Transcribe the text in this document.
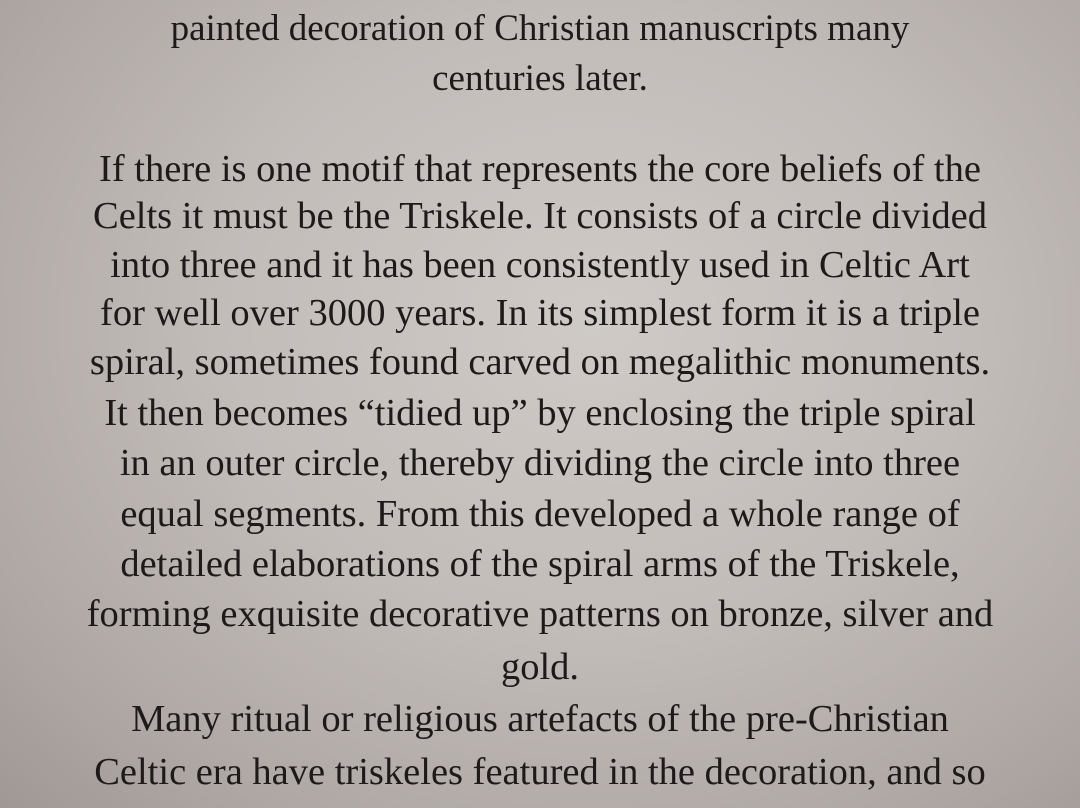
painted decoration of Christian manuscripts many
centuries later.
If there is one motif that represents the core beliefs of the
Celts it must be the Triskele. It consists of a circle divided
into three and it has been consistently used in Celtic Art
for well over 3000 years. In its simplest form it is a triple
spiral, sometimes found carved on megalithic monuments.
It then becomes “tidied up” by enclosing the triple spiral
in an outer circle, thereby dividing the circle into three
equal segments. From this developed a whole range of
detailed elaborations of the spiral arms of the Triskele,
forming exquisite decorative patterns on bronze, silver and
gold.
Many ritual or religious artefacts of the pre-Christian
Celtic era have triskeles featured in the decoration, and so
